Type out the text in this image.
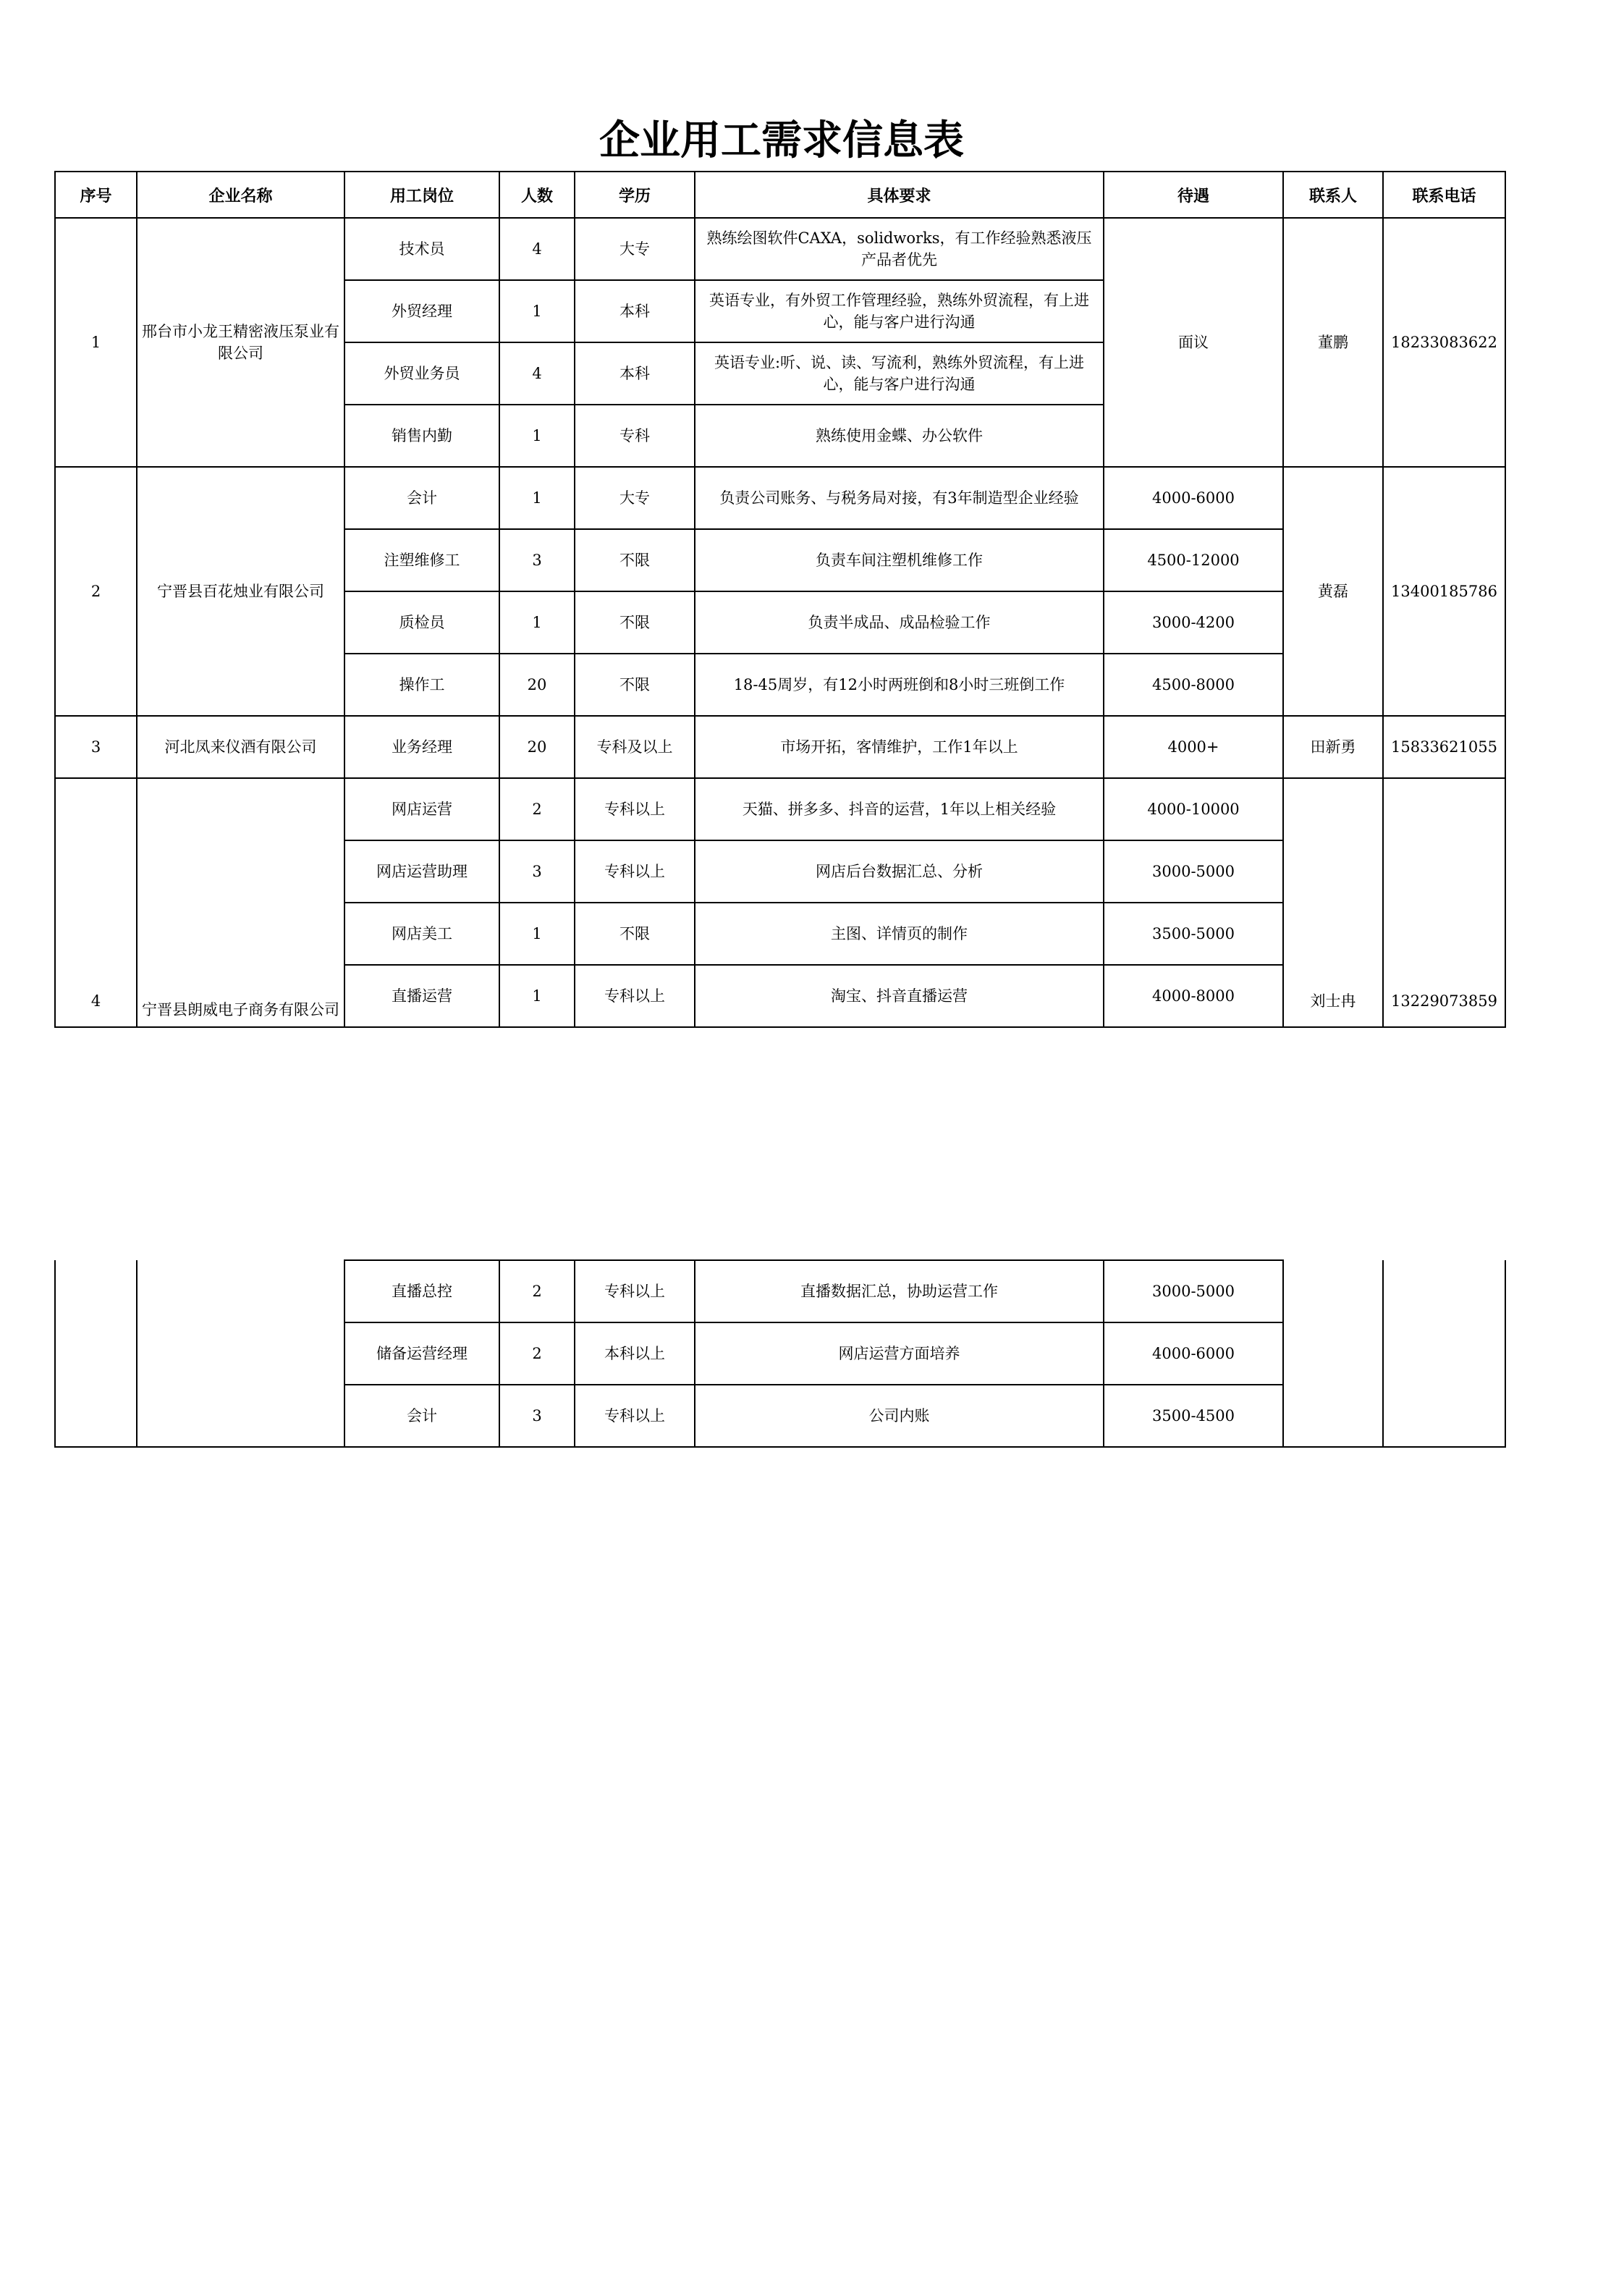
企业用工需求信息表
序号	企业名称	用工岗位	人数	学历	具体要求	待遇	联系人	联系电话
1	邢台市小龙王精密液压泵业有限公司	技术员	4	大专	熟练绘图软件CAXA，solidworks，有工作经验熟悉液压产品者优先	面议	董鹏	18233083622
		外贸经理	1	本科	英语专业，有外贸工作管理经验，熟练外贸流程，有上进心，能与客户进行沟通			
		外贸业务员	4	本科	英语专业:听、说、读、写流利，熟练外贸流程，有上进心，能与客户进行沟通			
		销售内勤	1	专科	熟练使用金蝶、办公软件			
2	宁晋县百花烛业有限公司	会计	1	大专	负责公司账务、与税务局对接，有3年制造型企业经验	4000-6000	黄磊	13400185786
		注塑维修工	3	不限	负责车间注塑机维修工作	4500-12000		
		质检员	1	不限	负责半成品、成品检验工作	3000-4200		
		操作工	20	不限	18-45周岁，有12小时两班倒和8小时三班倒工作	4500-8000		
3	河北凤来仪酒有限公司	业务经理	20	专科及以上	市场开拓，客情维护，工作1年以上	4000+	田新勇	15833621055
4	宁晋县朗威电子商务有限公司	网店运营	2	专科以上	天猫、拼多多、抖音的运营，1年以上相关经验	4000-10000	刘士冉	13229073859
		网店运营助理	3	专科以上	网店后台数据汇总、分析	3000-5000		
		网店美工	1	不限	主图、详情页的制作	3500-5000		
		直播运营	1	专科以上	淘宝、抖音直播运营	4000-8000		
		直播总控	2	专科以上	直播数据汇总，协助运营工作	3000-5000		
		储备运营经理	2	本科以上	网店运营方面培养	4000-6000		
		会计	3	专科以上	公司内账	3500-4500		
